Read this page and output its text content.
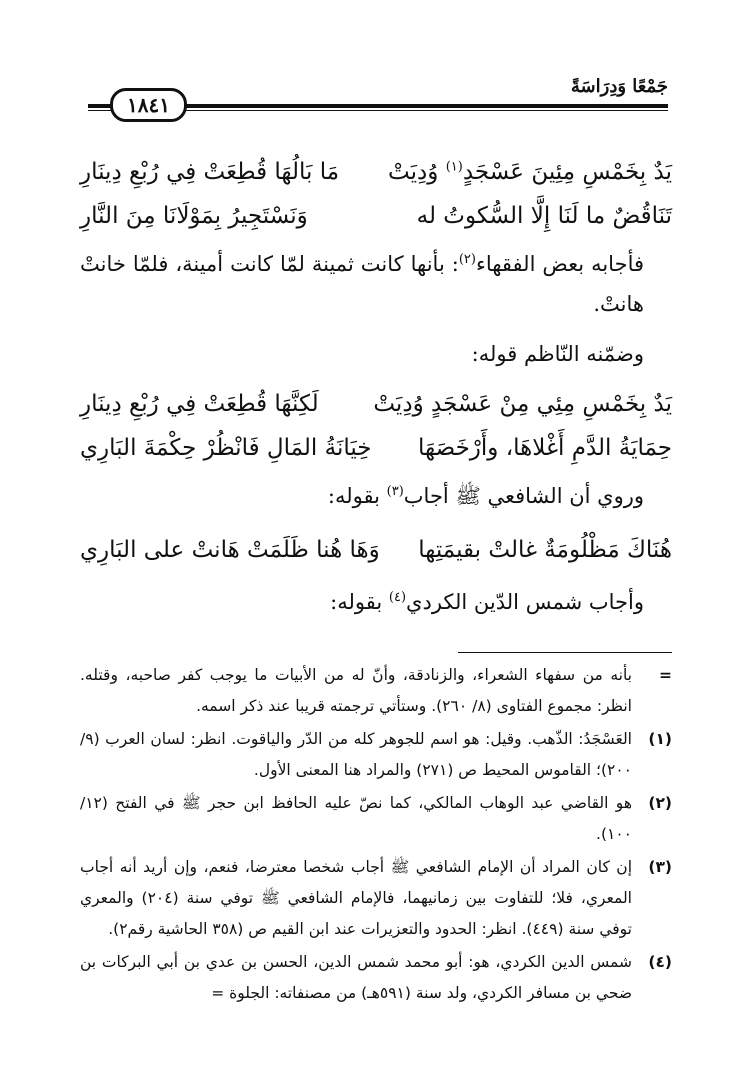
جَمْعًا وَدِرَاسَةً
١٨٤١
يَدٌ بِخَمْسِ مِئِينَ عَسْجَدٍ$^{(١)}$ وُدِيَتْ
مَا بَالُهَا قُطِعَتْ فِي رُبْعِ دِينَارِ
تَنَاقُضٌ ما لَنَا إِلَّا السُّكوتُ له
وَنَسْتَجِيرُ بِمَوْلَانَا مِنَ النَّارِ
فأجابه بعض الفقهاء$^{(٢)}$: بأنها كانت ثمينة لمّا كانت أمينة، فلمّا خانتْ هانتْ.
وضمّنه النّاظم قوله:
يَدٌ بِخَمْسِ مِئِي مِنْ عَسْجَدٍ وُدِيَتْ
لَكِنَّهَا قُطِعَتْ فِي رُبْعِ دِينَارِ
حِمَايَةُ الدَّمِ أَغْلاهَا، وأَرْخَصَهَا
خِيَانَةُ المَالِ فَانْظُرْ حِكْمَةَ البَارِي
وروي أن الشافعي ﷺ أجاب$^{(٣)}$ بقوله:
هُنَاكَ مَظْلُومَةٌ غالتْ بقيمَتِها
وَهَا هُنا ظَلَمَتْ هَانتْ على البَارِي
وأجاب شمس الدّين الكردي$^{(٤)}$ بقوله:
=
بأنه من سفهاء الشعراء، والزنادقة، وأنّ له من الأبيات ما يوجب كفر صاحبه، وقتله. انظر: مجموع الفتاوى (٨/ ٢٦٠). وستأتي ترجمته قريبا عند ذكر اسمه.
(١)
العَسْجَدُ: الذّهب. وقيل: هو اسم للجوهر كله من الدّر والياقوت. انظر: لسان العرب (٩/ ٢٠٠)؛ القاموس المحيط ص (٢٧١) والمراد هنا المعنى الأول.
(٢)
هو القاضي عبد الوهاب المالكي، كما نصّ عليه الحافظ ابن حجر ﷺ في الفتح (١٢/ ١٠٠).
(٣)
إن كان المراد أن الإمام الشافعي ﷺ أجاب شخصا معترضا، فنعم، وإن أريد أنه أجاب المعري، فلا؛ للتفاوت بين زمانيهما، فالإمام الشافعي ﷺ توفي سنة (٢٠٤) والمعري توفي سنة (٤٤٩). انظر: الحدود والتعزيرات عند ابن القيم ص (٣٥٨ الحاشية رقم٢).
(٤)
شمس الدين الكردي، هو: أبو محمد شمس الدين، الحسن بن عدي بن أبي البركات بن ضحي بن مسافر الكردي، ولد سنة (٥٩١هـ) من مصنفاته: الجلوة =
